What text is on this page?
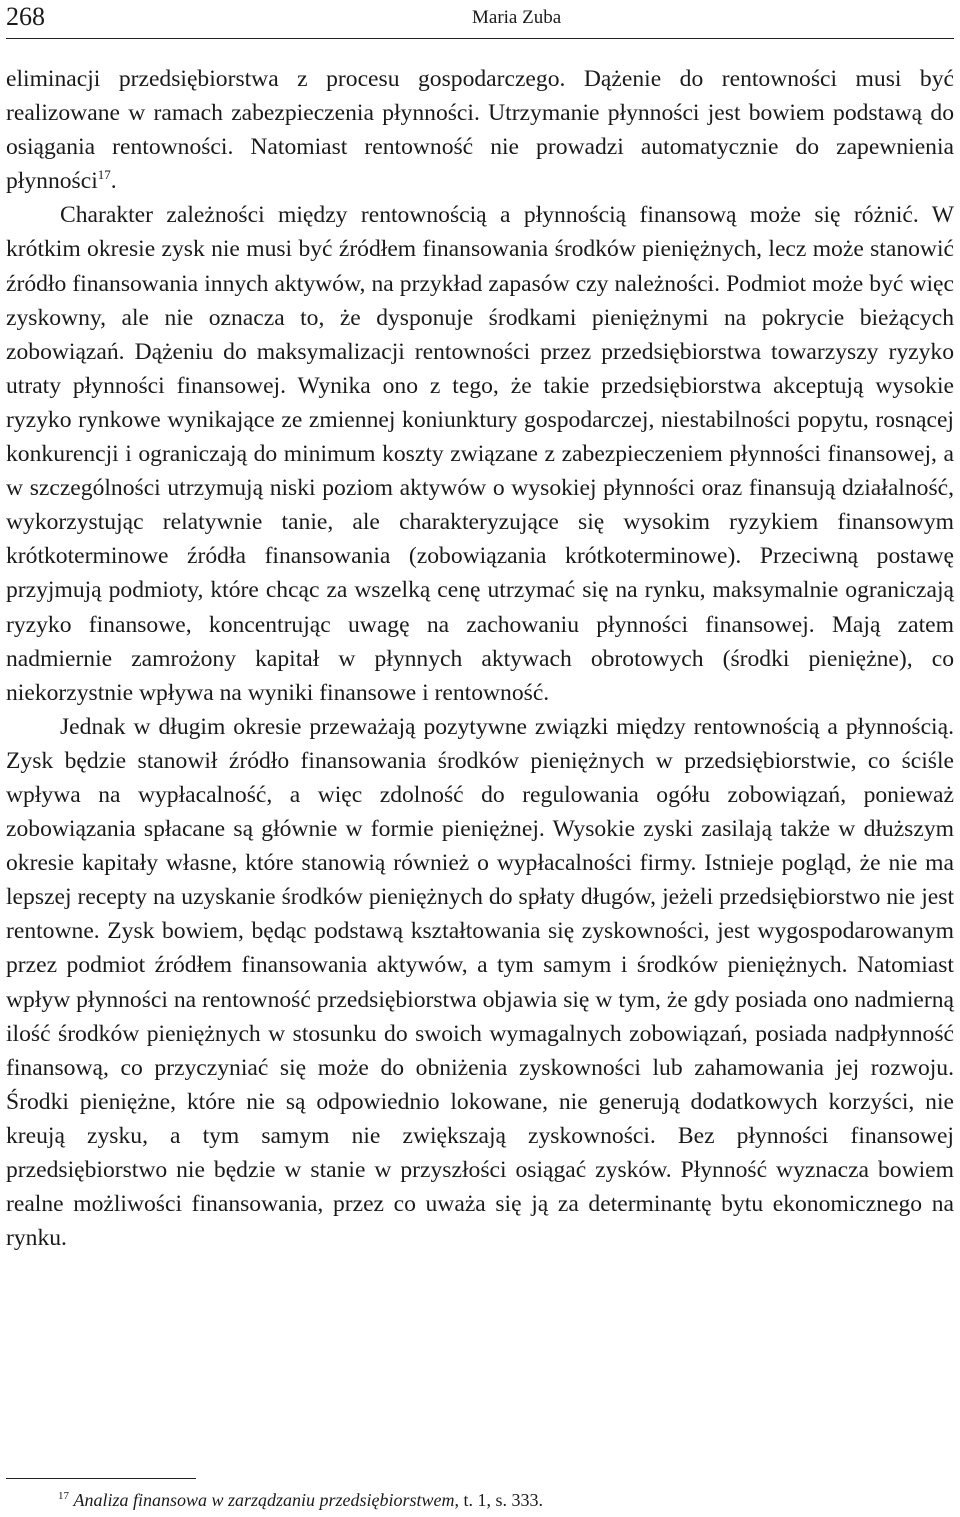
268	Maria Zuba

eliminacji przedsiębiorstwa z procesu gospodarczego. Dążenie do rentowności musi być realizowane w ramach zabezpieczenia płynności. Utrzymanie płynności jest bowiem podstawą do osiągania rentowności. Natomiast rentowność nie prowadzi automatycznie do zapewnienia płynności$^{17}$.

Charakter zależności między rentownością a płynnością finansową może się różnić. W krótkim okresie zysk nie musi być źródłem finansowania środków pieniężnych, lecz może stanowić źródło finansowania innych aktywów, na przykład zapasów czy należności. Podmiot może być więc zyskowny, ale nie oznacza to, że dysponuje środkami pieniężnymi na pokrycie bieżących zobowiązań. Dążeniu do maksymalizacji rentowności przez przedsiębiorstwa towarzyszy ryzyko utraty płynności finansowej. Wynika ono z tego, że takie przedsiębiorstwa akceptują wysokie ryzyko rynkowe wynikające ze zmiennej koniunktury gospodarczej, niestabilności popytu, rosnącej konkurencji i ograniczają do minimum koszty związane z zabezpieczeniem płynności finansowej, a w szczególności utrzymują niski poziom aktywów o wysokiej płynności oraz finansują działalność, wykorzystując relatywnie tanie, ale charakteryzujące się wysokim ryzykiem finansowym krótkoterminowe źródła finansowania (zobowiązania krótkoterminowe). Przeciwną postawę przyjmują podmioty, które chcąc za wszelką cenę utrzymać się na rynku, maksymalnie ograniczają ryzyko finansowe, koncentrując uwagę na zachowaniu płynności finansowej. Mają zatem nadmiernie zamrożony kapitał w płynnych aktywach obrotowych (środki pieniężne), co niekorzystnie wpływa na wyniki finansowe i rentowność.

Jednak w długim okresie przeważają pozytywne związki między rentownością a płynnością. Zysk będzie stanowił źródło finansowania środków pieniężnych w przedsiębiorstwie, co ściśle wpływa na wypłacalność, a więc zdolność do regulowania ogółu zobowiązań, ponieważ zobowiązania spłacane są głównie w formie pieniężnej. Wysokie zyski zasilają także w dłuższym okresie kapitały własne, które stanowią również o wypłacalności firmy. Istnieje pogląd, że nie ma lepszej recepty na uzyskanie środków pieniężnych do spłaty długów, jeżeli przedsiębiorstwo nie jest rentowne. Zysk bowiem, będąc podstawą kształtowania się zyskowności, jest wygospodarowanym przez podmiot źródłem finansowania aktywów, a tym samym i środków pieniężnych. Natomiast wpływ płynności na rentowność przedsiębiorstwa objawia się w tym, że gdy posiada ono nadmierną ilość środków pieniężnych w stosunku do swoich wymagalnych zobowiązań, posiada nadpłynność finansową, co przyczyniać się może do obniżenia zyskowności lub zahamowania jej rozwoju. Środki pieniężne, które nie są odpowiednio lokowane, nie generują dodatkowych korzyści, nie kreują zysku, a tym samym nie zwiększają zyskowności. Bez płynności finansowej przedsiębiorstwo nie będzie w stanie w przyszłości osiągać zysków. Płynność wyznacza bowiem realne możliwości finansowania, przez co uważa się ją za determinantę bytu ekonomicznego na rynku.

$^{17}$ Analiza finansowa w zarządzaniu przedsiębiorstwem, t. 1, s. 333.
